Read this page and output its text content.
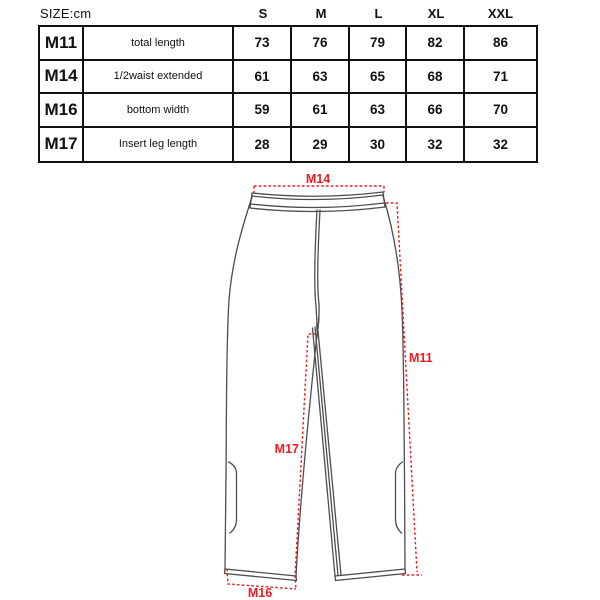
SIZE:cm	S	M	L	XL	XXL
M11	total length	73	76	79	82	86
M14	1/2waist extended	61	63	65	68	71
M16	bottom width	59	61	63	66	70
M17	Insert leg length	28	29	30	32	32
M14
M11
M17
M16
